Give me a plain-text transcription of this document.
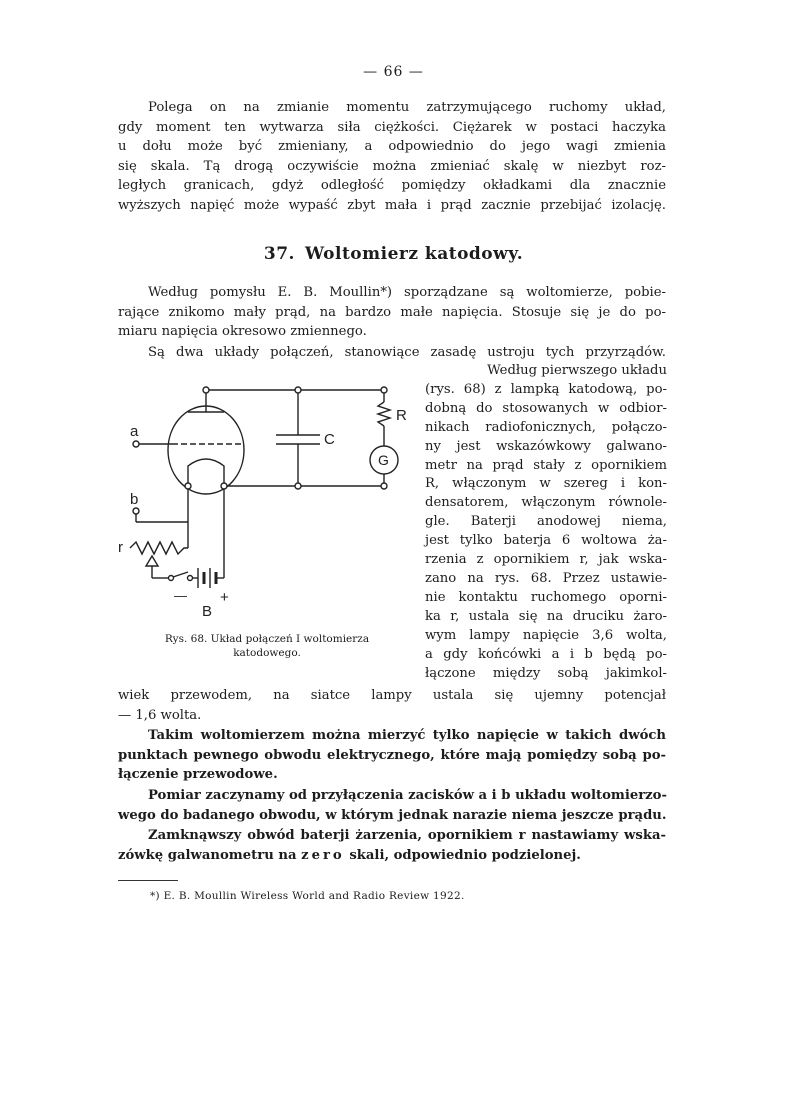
— 66 —

Polega on na zmianie momentu zatrzymującego ruchomy układ,
gdy moment ten wytwarza siła ciężkości. Ciężarek w postaci haczyka
u dołu może być zmieniany, a odpowiednio do jego wagi zmienia
się skala. Tą drogą oczywiście można zmieniać skalę w niezbyt roz-
ległych granicach, gdyż odległość pomiędzy okładkami dla znacznie
wyższych napięć może wypaść zbyt mała i prąd zacznie przebijać izolację.

37. Woltomierz katodowy.

Według pomysłu E. B. Moullin*) sporządzane są woltomierze, pobie-
rające znikomo mały prąd, na bardzo małe napięcia. Stosuje się je do po-
miaru napięcia okresowo zmiennego.

Są dwa układy połączeń, stanowiące zasadę ustroju tych przyrządów.

Według pierwszego układu
(rys. 68) z lampką katodową, po-
dobną do stosowanych w odbior-
nikach radiofonicznych, połączo-
ny jest wskazówkowy galwano-
metr na prąd stały z opornikiem
R, włączonym w szereg i kon-
densatorem, włączonym równole-
gle. Baterji anodowej niema,
jest tylko baterja 6 woltowa ża-
rzenia z opornikiem r, jak wska-
zano na rys. 68. Przez ustawie-
nie kontaktu ruchomego oporni-
ka r, ustala się na druciku żaro-
wym lampy napięcie 3,6 wolta,
a gdy końcówki a i b będą po-
łączone między sobą jakimkol-

a
b
r
R
C
G
B
— +
Rys. 68. Układ połączeń I woltomierza
katodowego.

wiek przewodem, na siatce lampy ustala się ujemny potencjał
— 1,6 wolta.

Takim woltomierzem można mierzyć tylko napięcie w takich dwóch
punktach pewnego obwodu elektrycznego, które mają pomiędzy sobą po-
łączenie przewodowe.

Pomiar zaczynamy od przyłączenia zacisków a i b układu woltomierzo-
wego do badanego obwodu, w którym jednak narazie niema jeszcze prądu.

Zamknąwszy obwód baterji żarzenia, opornikiem r nastawiamy wska-
zówkę galwanometru na zero skali, odpowiednio podzielonej.

*) E. B. Moullin Wireless World and Radio Review 1922.
